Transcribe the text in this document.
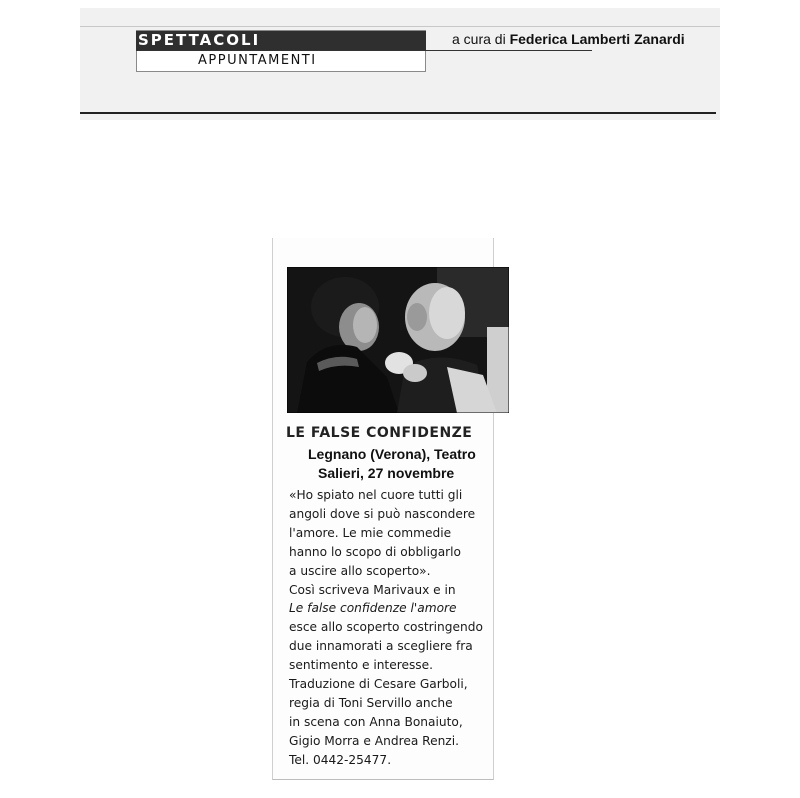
SPETTACOLI
APPUNTAMENTI
a cura di Federica Lamberti Zanardi
LE FALSE CONFIDENZE
Legnano (Verona), Teatro
Salieri, 27 novembre
«Ho spiato nel cuore tutti gli
angoli dove si può nascondere
l'amore. Le mie commedie
hanno lo scopo di obbligarlo
a uscire allo scoperto».
Così scriveva Marivaux e in
Le false confidenze l'amore
esce allo scoperto costringendo
due innamorati a scegliere fra
sentimento e interesse.
Traduzione di Cesare Garboli,
regia di Toni Servillo anche
in scena con Anna Bonaiuto,
Gigio Morra e Andrea Renzi.
Tel. 0442-25477.
